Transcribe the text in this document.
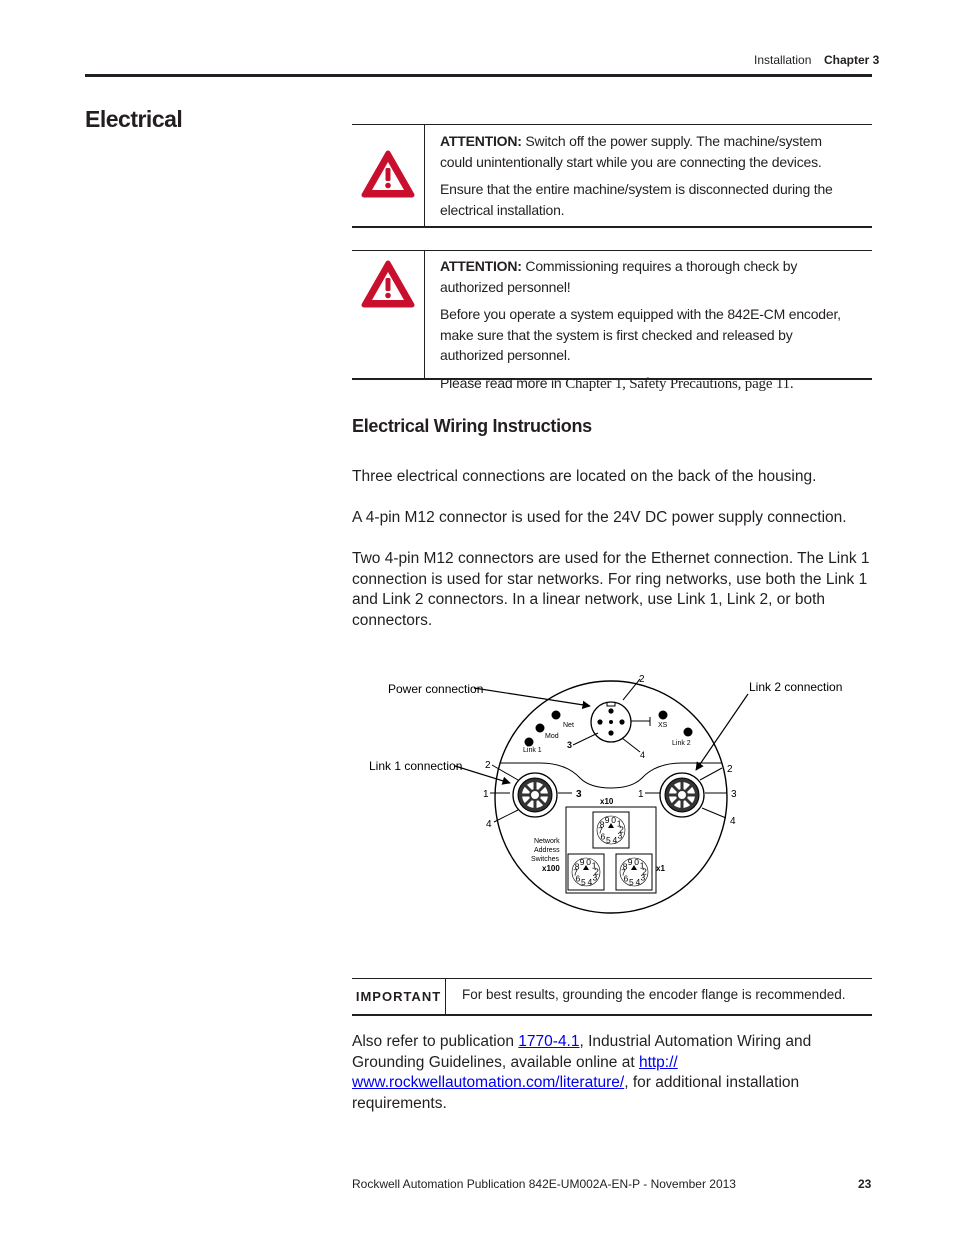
Installation Chapter 3
Electrical

ATTENTION: Switch off the power supply. The machine/system could unintentionally start while you are connecting the devices.

Ensure that the entire machine/system is disconnected during the electrical installation.

ATTENTION: Commissioning requires a thorough check by authorized personnel!

Before you operate a system equipped with the 842E-CM encoder, make sure that the system is first checked and released by authorized personnel.

Please read more in Chapter 1, Safety Precautions, page 11.

Electrical Wiring Instructions

Three electrical connections are located on the back of the housing.

A 4-pin M12 connector is used for the 24V DC power supply connection.

Two 4-pin M12 connectors are used for the Ethernet connection. The Link 1 connection is used for star networks. For ring networks, use both the Link 1 and Link 2 connectors. In a linear network, use Link 1, Link 2, or both connectors.

2
3
4
Net
Mod
Link 1
XS
Link 2
2
1	3
4
2
1	3
4
x10
0 1
2
3
4
5
6
7
8 9
Network
Address
Switches
x100
0 1
2
3
4
5
6
7
8 9	0 1
2
3
4
5
6
7
8 9
x1
Power connection
Link 1 connection
Link 2 connection
IMPORTANT	For best results, grounding the encoder flange is recommended.

Also refer to publication 1770-4.1, Industrial Automation Wiring and Grounding Guidelines, available online at http://
www.rockwellautomation.com/literature/, for additional installation requirements.

Rockwell Automation Publication 842E-UM002A-EN-P - November 2013	23
